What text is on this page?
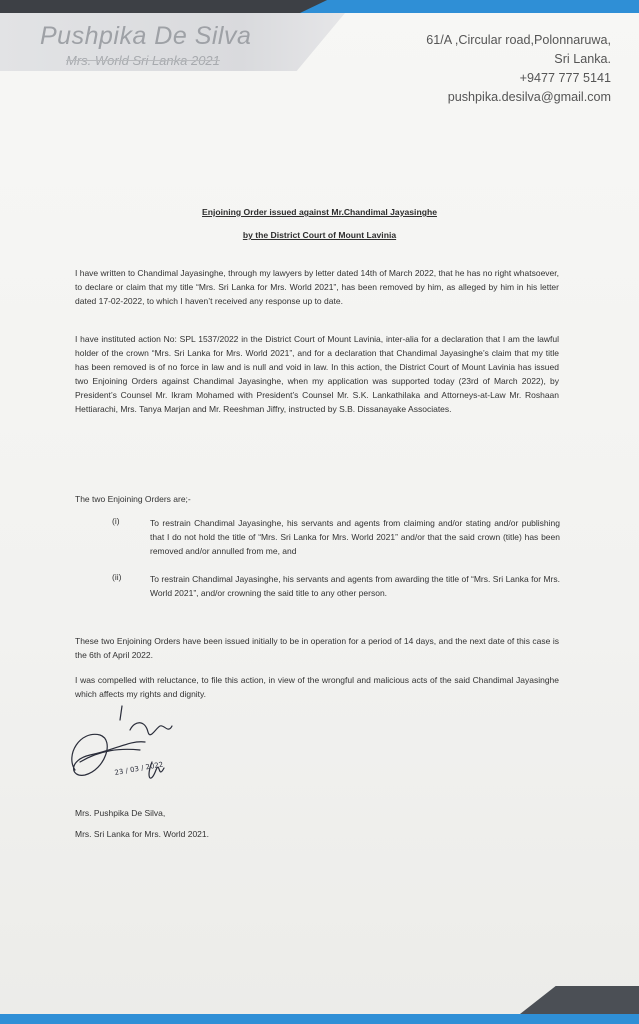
Pushpika De Silva
Mrs. World Sri Lanka 2021
61/A ,Circular road,Polonnaruwa,
Sri Lanka.
+9477 777 5141
pushpika.desilva@gmail.com
Enjoining Order issued against Mr.Chandimal Jayasinghe
by the District Court of Mount Lavinia
I have written to Chandimal Jayasinghe, through my lawyers by letter dated 14th of March 2022, that he has no right whatsoever, to declare or claim that my title “Mrs. Sri Lanka for Mrs. World 2021”, has been removed by him, as alleged by him in his letter dated 17-02-2022, to which I haven’t received any response up to date.
I have instituted action No: SPL 1537/2022 in the District Court of Mount Lavinia, inter-alia for a declaration that I am the lawful holder of the crown “Mrs. Sri Lanka for Mrs. World 2021”, and for a declaration that Chandimal Jayasinghe’s claim that my title has been removed is of no force in law and is null and void in law. In this action, the District Court of Mount Lavinia has issued two Enjoining Orders against Chandimal Jayasinghe, when my application was supported today (23rd of March 2022), by President’s Counsel Mr. Ikram Mohamed with President’s Counsel Mr. S.K. Lankathilaka and Attorneys-at-Law Mr. Roshaan Hettiarachi, Mrs. Tanya Marjan and Mr. Reeshman Jiffry, instructed by S.B. Dissanayake Associates.
The two Enjoining Orders are;-
(i)	To restrain Chandimal Jayasinghe, his servants and agents from claiming and/or stating and/or publishing that I do not hold the title of “Mrs. Sri Lanka for Mrs. World 2021” and/or that the said crown (title) has been removed and/or annulled from me, and
(ii)	To restrain Chandimal Jayasinghe, his servants and agents from awarding the title of “Mrs. Sri Lanka for Mrs. World 2021”, and/or crowning the said title to any other person.
These two Enjoining Orders have been issued initially to be in operation for a period of 14 days, and the next date of this case is the 6th of April 2022.
I was compelled with reluctance, to file this action, in view of the wrongful and malicious acts of the said Chandimal Jayasinghe which affects my rights and dignity.
23 / 03 / 2022
Mrs. Pushpika De Silva,
Mrs. Sri Lanka for Mrs. World 2021.
